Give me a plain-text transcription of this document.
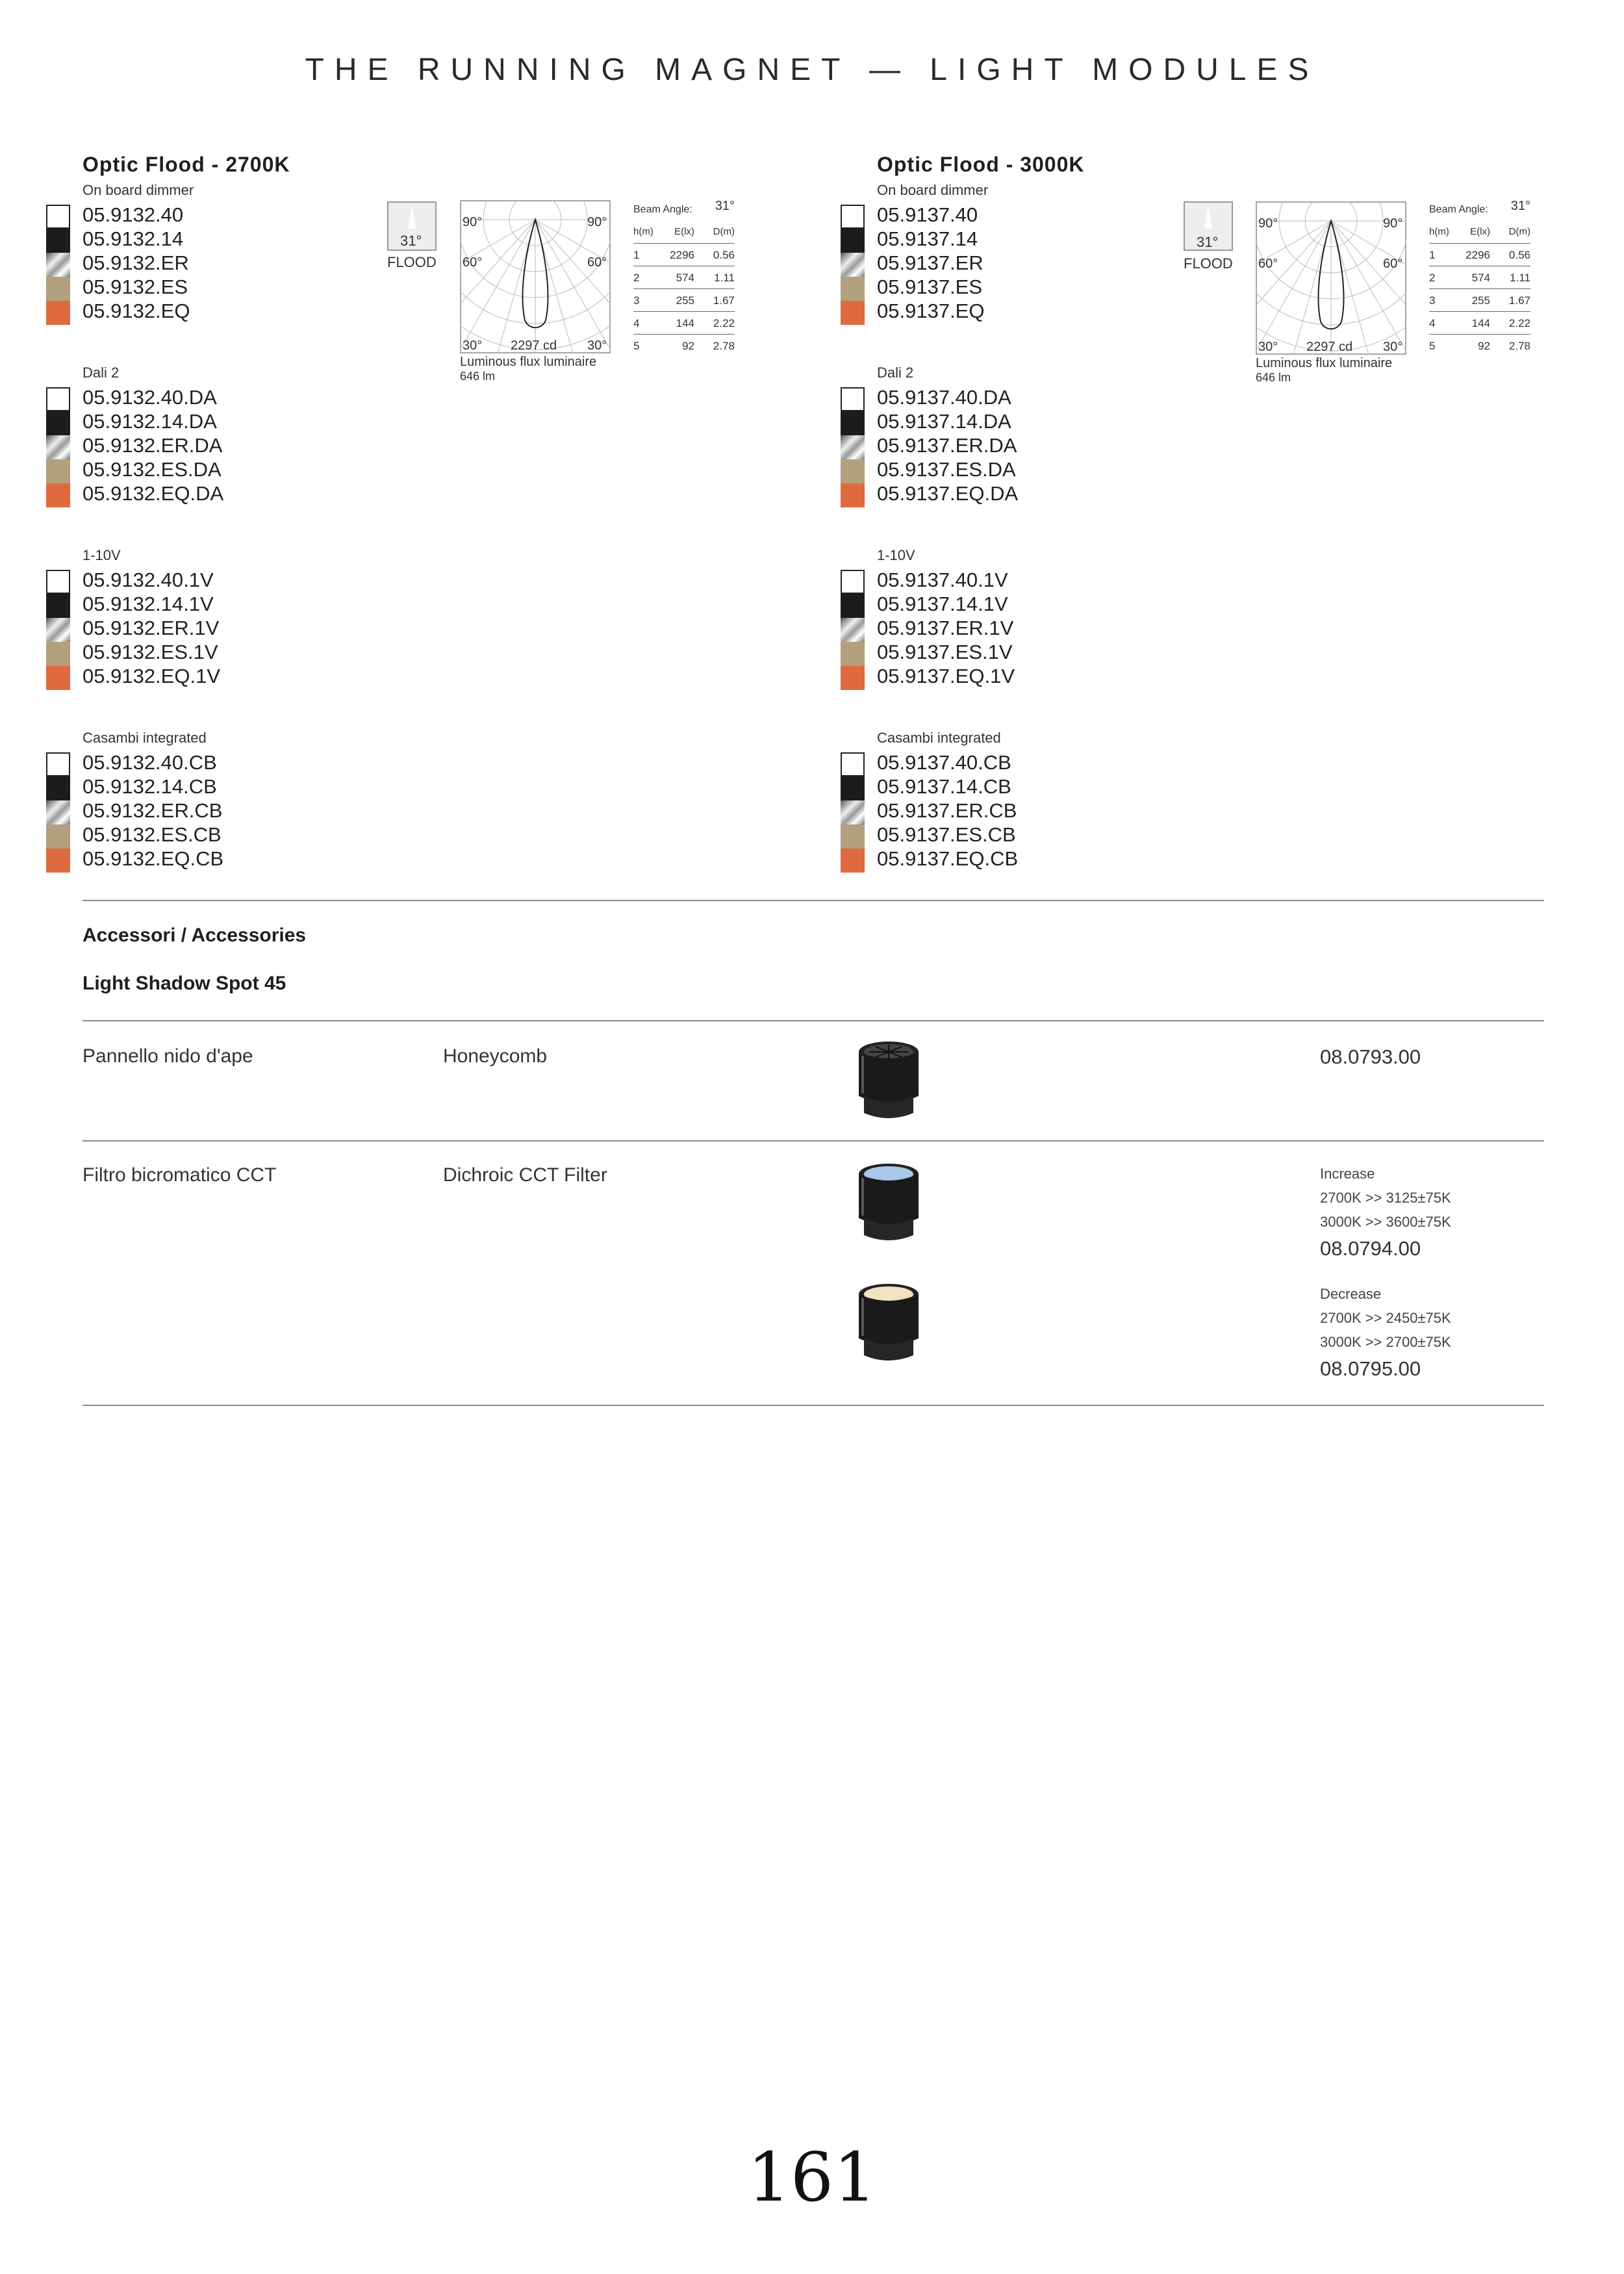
THE RUNNING MAGNET — LIGHT MODULES
Optic Flood - 2700K
On board dimmer
05.9132.40
05.9132.14
05.9132.ER
05.9132.ES
05.9132.EQ
Dali 2
05.9132.40.DA
05.9132.14.DA
05.9132.ER.DA
05.9132.ES.DA
05.9132.EQ.DA
1-10V
05.9132.40.1V
05.9132.14.1V
05.9132.ER.1V
05.9132.ES.1V
05.9132.EQ.1V
Casambi integrated
05.9132.40.CB
05.9132.14.CB
05.9132.ER.CB
05.9132.ES.CB
05.9132.EQ.CB
Optic Flood - 3000K
On board dimmer
05.9137.40
05.9137.14
05.9137.ER
05.9137.ES
05.9137.EQ
Dali 2
05.9137.40.DA
05.9137.14.DA
05.9137.ER.DA
05.9137.ES.DA
05.9137.EQ.DA
1-10V
05.9137.40.1V
05.9137.14.1V
05.9137.ER.1V
05.9137.ES.1V
05.9137.EQ.1V
Casambi integrated
05.9137.40.CB
05.9137.14.CB
05.9137.ER.CB
05.9137.ES.CB
05.9137.EQ.CB
31°
FLOOD
31°
FLOOD
90°	90°
60°	60°
30°	30°
2297 cd
Luminous flux luminaire
646 lm
90°	90°
60°	60°
30°	30°
2297 cd
Luminous flux luminaire
646 lm
Beam Angle: 31°
h(m) E(lx) D(m)
1	2296 0.56
2	574 1.11
3	255 1.67
4	144 2.22
5	92 2.78
Beam Angle: 31°
h(m) E(lx) D(m)
1	2296 0.56
2	574 1.11
3	255 1.67
4	144 2.22
5	92 2.78
Accessori / Accessories
Light Shadow Spot 45
Pannello nido d'ape	Honeycomb	08.0793.00
Filtro bicromatico CCT	Dichroic CCT Filter	Increase
2700K >> 3125±75K
3000K >> 3600±75K
08.0794.00
Decrease
2700K >> 2450±75K
3000K >> 2700±75K
08.0795.00
161
